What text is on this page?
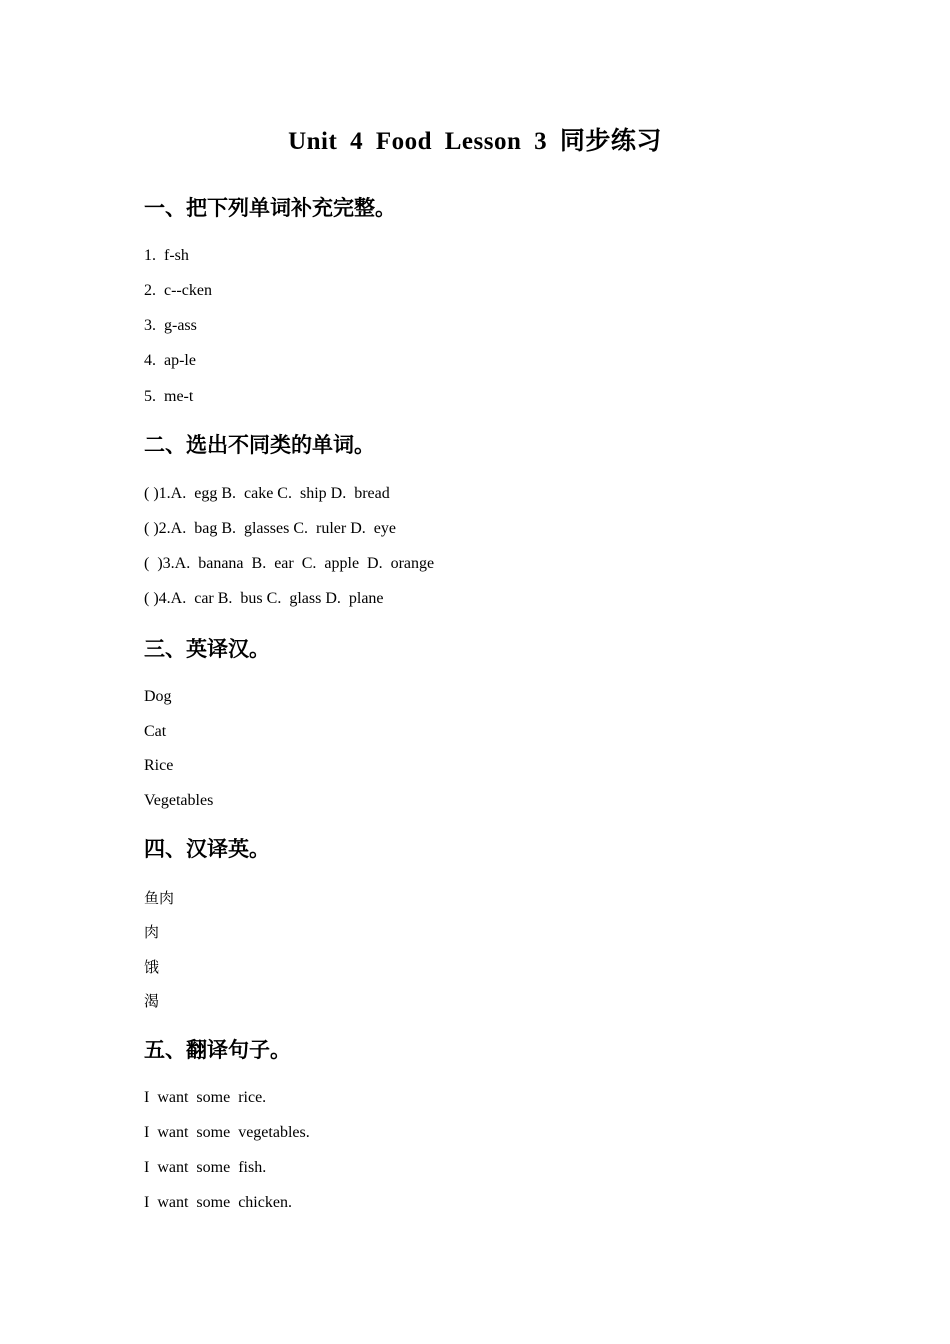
Unit 4 Food Lesson 3 同步练习
一、把下列单词补充完整。
1.  f-sh
2.  c--cken
3.  g-ass
4.  ap-le
5.  me-t
二、选出不同类的单词。
( )1.A.  egg B.  cake C.  ship D.  bread
( )2.A.  bag B.  glasses C.  ruler D.  eye
(  )3.A.  banana  B.  ear  C.  apple  D.  orange
( )4.A.  car B.  bus C.  glass D.  plane
三、英译汉。
Dog
Cat
Rice
Vegetables
四、汉译英。
鱼肉
肉
饿
渴
五、翻译句子。
I  want  some  rice.
I  want  some  vegetables.
I  want  some  fish.
I  want  some  chicken.
